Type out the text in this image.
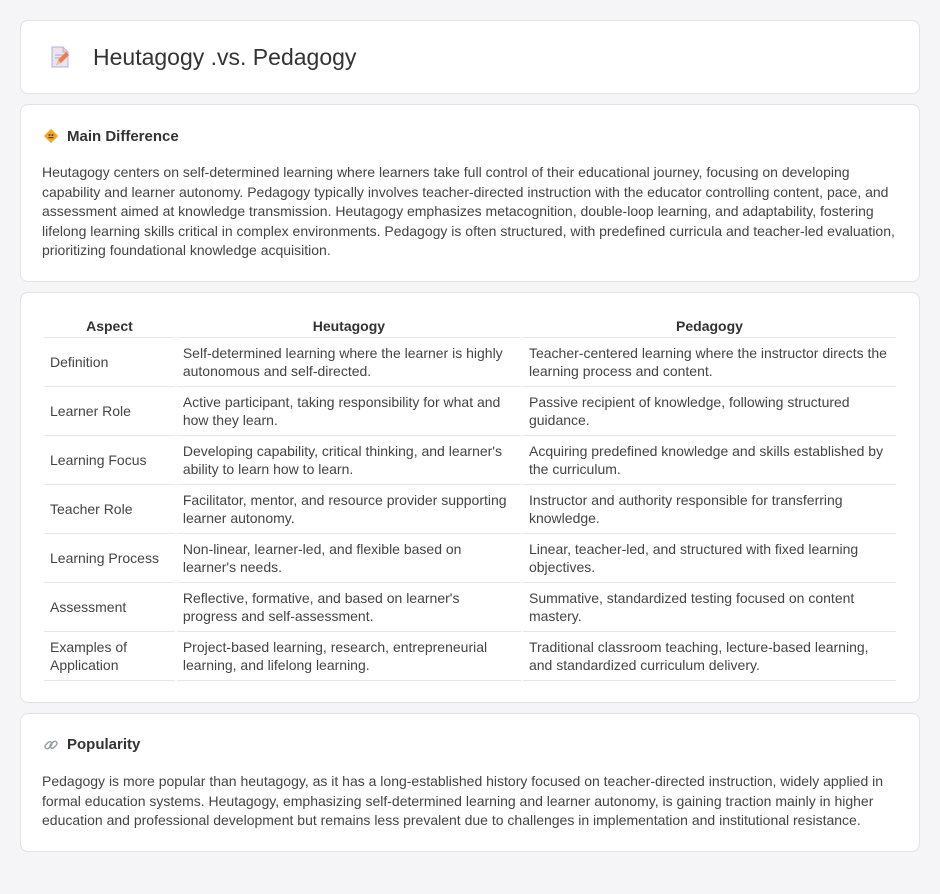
Heutagogy .vs. Pedagogy
Main Difference

Heutagogy centers on self-determined learning where learners take full control of their educational journey, focusing on developing capability and learner autonomy. Pedagogy typically involves teacher-directed instruction with the educator controlling content, pace, and assessment aimed at knowledge transmission. Heutagogy emphasizes metacognition, double-loop learning, and adaptability, fostering lifelong learning skills critical in complex environments. Pedagogy is often structured, with predefined curricula and teacher-led evaluation, prioritizing foundational knowledge acquisition.

Aspect	Heutagogy	Pedagogy
Definition	Self-determined learning where the learner is highly autonomous and self-directed.	Teacher-centered learning where the instructor directs the learning process and content.
Learner Role	Active participant, taking responsibility for what and how they learn.	Passive recipient of knowledge, following structured guidance.
Learning Focus	Developing capability, critical thinking, and learner's ability to learn how to learn.	Acquiring predefined knowledge and skills established by the curriculum.
Teacher Role	Facilitator, mentor, and resource provider supporting learner autonomy.	Instructor and authority responsible for transferring knowledge.
Learning Process	Non-linear, learner-led, and flexible based on learner's needs.	Linear, teacher-led, and structured with fixed learning objectives.
Assessment	Reflective, formative, and based on learner's progress and self-assessment.	Summative, standardized testing focused on content mastery.
Examples of Application	Project-based learning, research, entrepreneurial learning, and lifelong learning.	Traditional classroom teaching, lecture-based learning, and standardized curriculum delivery.
Popularity

Pedagogy is more popular than heutagogy, as it has a long-established history focused on teacher-directed instruction, widely applied in formal education systems. Heutagogy, emphasizing self-determined learning and learner autonomy, is gaining traction mainly in higher education and professional development but remains less prevalent due to challenges in implementation and institutional resistance.
